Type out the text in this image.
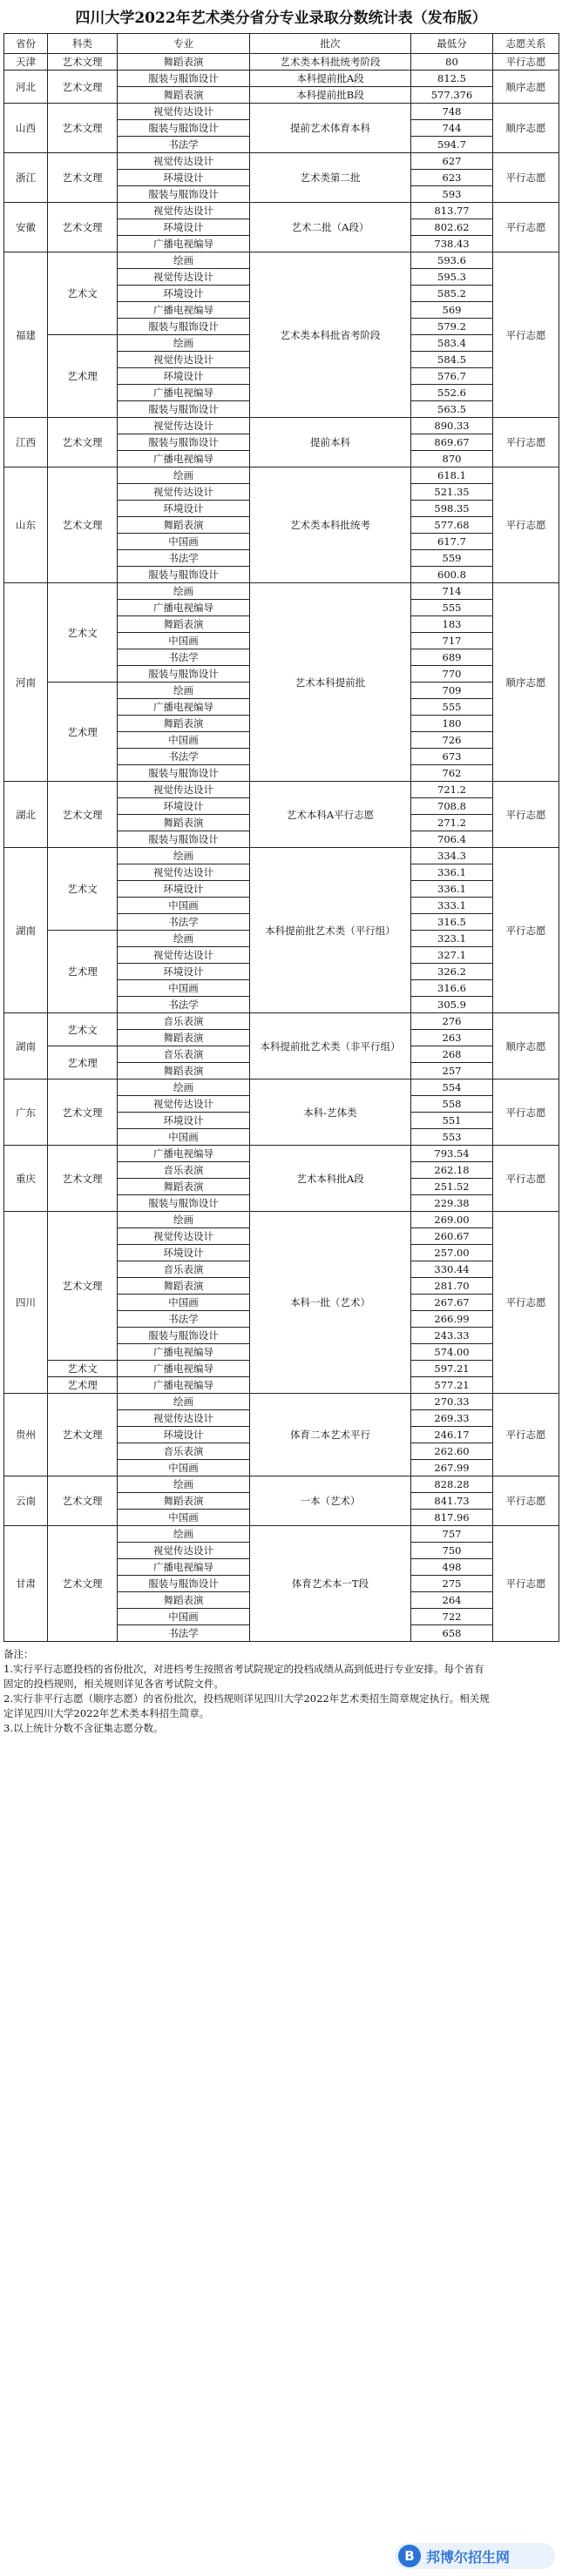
四川大学2022年艺术类分省分专业录取分数统计表（发布版）
省份	科类	专业	批次	最低分	志愿关系
天津	艺术文理	舞蹈表演	艺术类本科批统考阶段	80	平行志愿
河北	艺术文理	服装与服饰设计	本科提前批A段	812.5	顺序志愿
		舞蹈表演	本科提前批B段	577.376	
山西	艺术文理	视觉传达设计	提前艺术体育本科	748	顺序志愿
		服装与服饰设计		744	
		书法学		594.7	
浙江	艺术文理	视觉传达设计	艺术类第二批	627	平行志愿
		环境设计		623	
		服装与服饰设计		593	
安徽	艺术文理	视觉传达设计	艺术二批（A段）	813.77	平行志愿
		环境设计		802.62	
		广播电视编导		738.43	
福建	艺术文	绘画	艺术类本科批省考阶段	593.6	平行志愿
		视觉传达设计		595.3	
		环境设计		585.2	
		广播电视编导		569	
		服装与服饰设计		579.2	
	艺术理	绘画		583.4	
		视觉传达设计		584.5	
		环境设计		576.7	
		广播电视编导		552.6	
		服装与服饰设计		563.5	
江西	艺术文理	视觉传达设计	提前本科	890.33	平行志愿
		服装与服饰设计		869.67	
		广播电视编导		870	
山东	艺术文理	绘画	艺术类本科批统考	618.1	平行志愿
		视觉传达设计		521.35	
		环境设计		598.35	
		舞蹈表演		577.68	
		中国画		617.7	
		书法学		559	
		服装与服饰设计		600.8	
河南	艺术文	绘画	艺术本科提前批	714	顺序志愿
		广播电视编导		555	
		舞蹈表演		183	
		中国画		717	
		书法学		689	
		服装与服饰设计		770	
	艺术理	绘画		709	
		广播电视编导		555	
		舞蹈表演		180	
		中国画		726	
		书法学		673	
		服装与服饰设计		762	
湖北	艺术文理	视觉传达设计	艺术本科A平行志愿	721.2	平行志愿
		环境设计		708.8	
		舞蹈表演		271.2	
		服装与服饰设计		706.4	
湖南	艺术文	绘画	本科提前批艺术类（平行组）	334.3	平行志愿
		视觉传达设计		336.1	
		环境设计		336.1	
		中国画		333.1	
		书法学		316.5	
	艺术理	绘画		323.1	
		视觉传达设计		327.1	
		环境设计		326.2	
		中国画		316.6	
		书法学		305.9	
湖南	艺术文	音乐表演	本科提前批艺术类（非平行组）	276	顺序志愿
		舞蹈表演		263	
	艺术理	音乐表演		268	
		舞蹈表演		257	
广东	艺术文理	绘画	本科-艺体类	554	平行志愿
		视觉传达设计		558	
		环境设计		551	
		中国画		553	
重庆	艺术文理	广播电视编导	艺术本科批A段	793.54	平行志愿
		音乐表演		262.18	
		舞蹈表演		251.52	
		服装与服饰设计		229.38	
四川	艺术文理	绘画	本科一批（艺术）	269.00	平行志愿
		视觉传达设计		260.67	
		环境设计		257.00	
		音乐表演		330.44	
		舞蹈表演		281.70	
		中国画		267.67	
		书法学		266.99	
		服装与服饰设计		243.33	
		广播电视编导		574.00	
	艺术文	广播电视编导		597.21	
	艺术理	广播电视编导		577.21	
贵州	艺术文理	绘画	体育二本艺术平行	270.33	平行志愿
		视觉传达设计		269.33	
		环境设计		246.17	
		音乐表演		262.60	
		中国画		267.99	
云南	艺术文理	绘画	一本（艺术）	828.28	平行志愿
		舞蹈表演		841.73	
		中国画		817.96	
甘肃	艺术文理	绘画	体育艺术本一T段	757	平行志愿
		视觉传达设计		750	
		广播电视编导		498	
		服装与服饰设计		275	
		舞蹈表演		264	
		中国画		722	
		书法学		658	

备注：

1.实行平行志愿投档的省份批次，对进档考生按照省考试院规定的投档成绩从高到低进行专业安排。每个省有固定的投档规则，相关规则详见各省考试院文件。

2.实行非平行志愿（顺序志愿）的省份批次，投档规则详见四川大学2022年艺术类招生简章规定执行。相关规定详见四川大学2022年艺术类本科招生简章。

3.以上统计分数不含征集志愿分数。

B 邦博尔招生网
